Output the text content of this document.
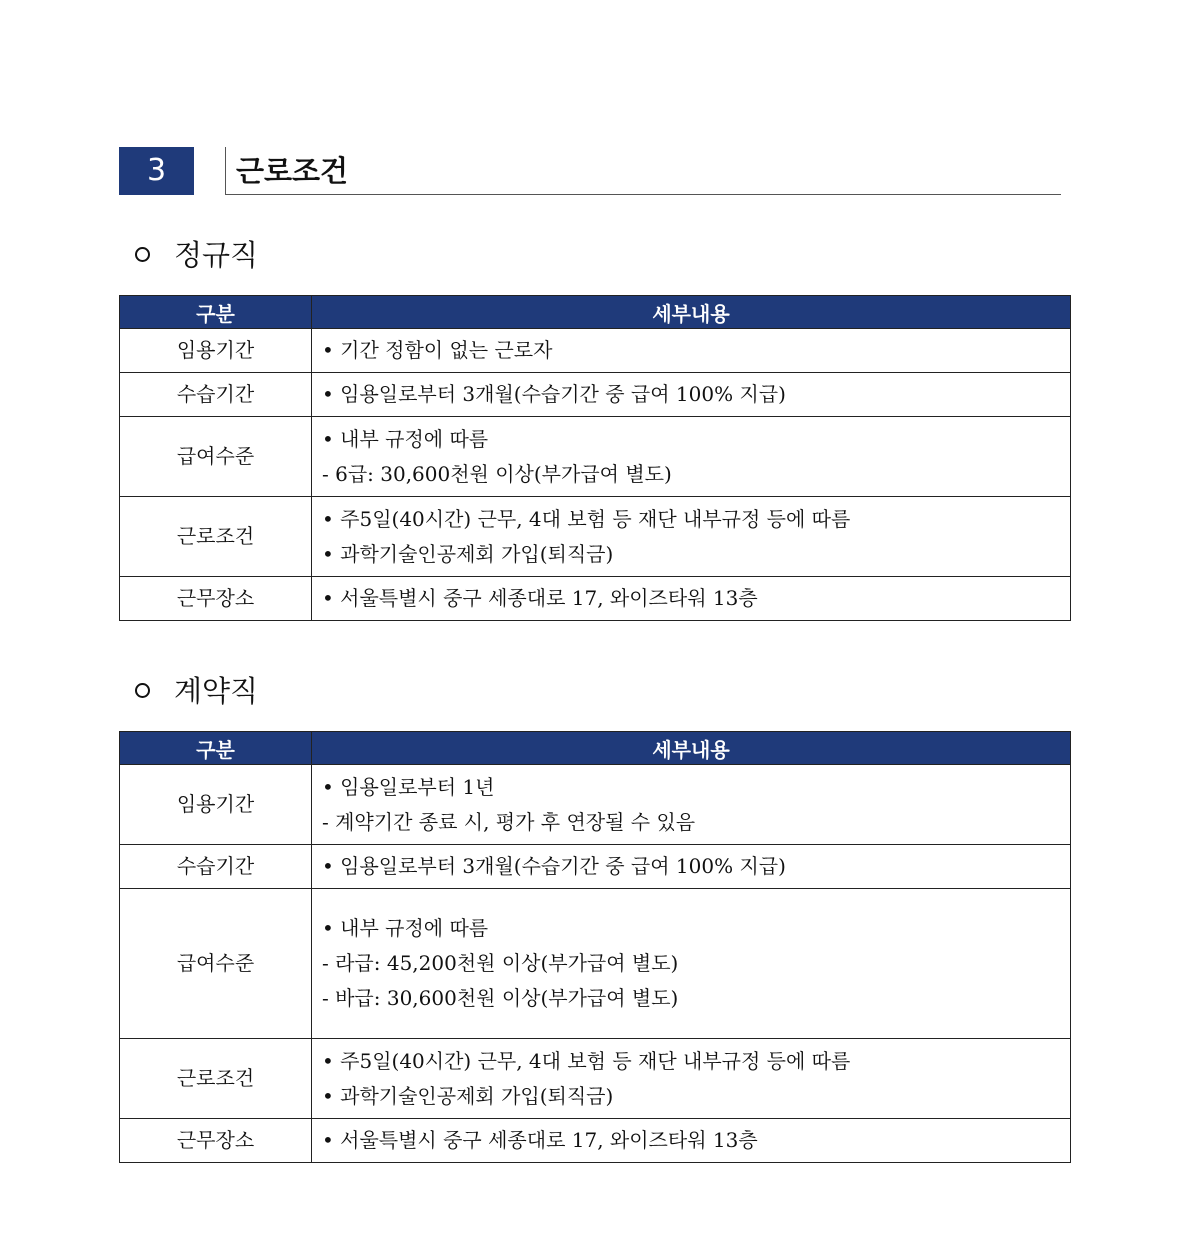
3	근로조건
정규직
구분	세부내용
임용기간	• 기간 정함이 없는 근로자

수습기간	• 임용일로부터 3개월(수습기간 중 급여 100% 지급)

급여수준	• 내부 규정에 따름
- 6급: 30,600천원 이상(부가급여 별도)

근로조건	• 주5일(40시간) 근무, 4대 보험 등 재단 내부규정 등에 따름
• 과학기술인공제회 가입(퇴직금)

근무장소	• 서울특별시 중구 세종대로 17, 와이즈타워 13층
계약직
구분	세부내용
임용기간	• 임용일로부터 1년
- 계약기간 종료 시, 평가 후 연장될 수 있음

수습기간	• 임용일로부터 3개월(수습기간 중 급여 100% 지급)

급여수준	• 내부 규정에 따름
- 라급: 45,200천원 이상(부가급여 별도)
- 바급: 30,600천원 이상(부가급여 별도)

근로조건	• 주5일(40시간) 근무, 4대 보험 등 재단 내부규정 등에 따름
• 과학기술인공제회 가입(퇴직금)

근무장소	• 서울특별시 중구 세종대로 17, 와이즈타워 13층
